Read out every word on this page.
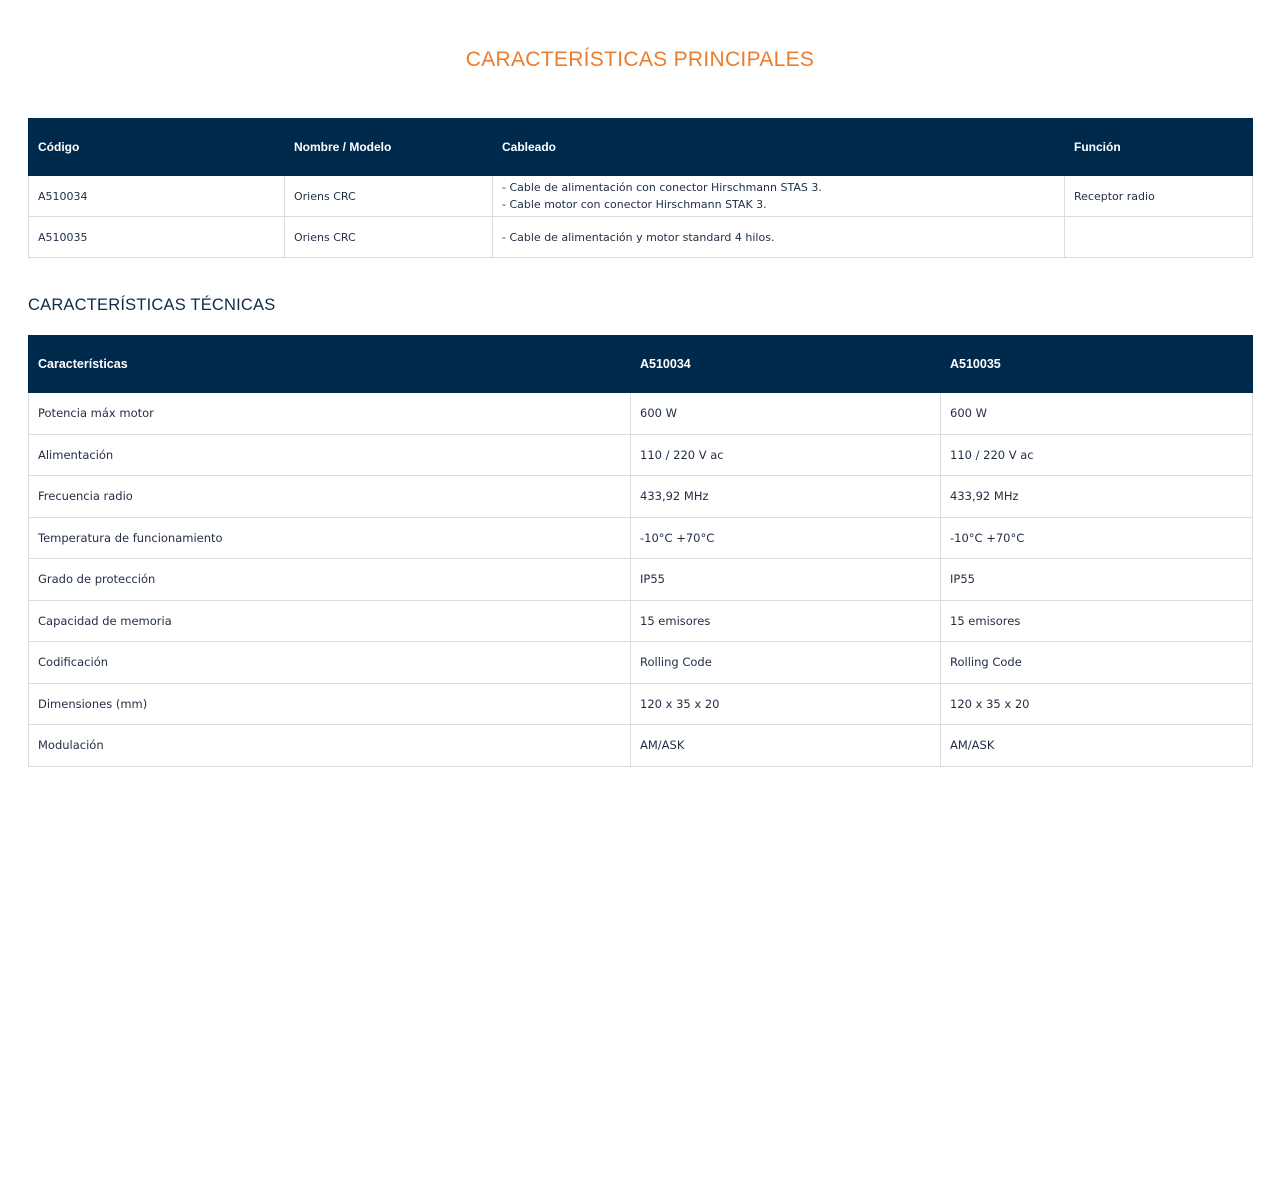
CARACTERÍSTICAS PRINCIPALES
Código	Nombre / Modelo	Cableado	Función
A510034	Oriens CRC	- Cable de alimentación con conector Hirschmann STAS 3.
- Cable motor con conector Hirschmann STAK 3.	Receptor radio
A510035	Oriens CRC	- Cable de alimentación y motor standard 4 hilos.	

CARACTERÍSTICAS TÉCNICAS
Características	A510034	A510035
Potencia máx motor	600 W	600 W
Alimentación	110 / 220 V ac	110 / 220 V ac
Frecuencia radio	433,92 MHz	433,92 MHz
Temperatura de funcionamiento	-10°C +70°C	-10°C +70°C
Grado de protección	IP55	IP55
Capacidad de memoria	15 emisores	15 emisores
Codificación	Rolling Code	Rolling Code
Dimensiones (mm)	120 x 35 x 20	120 x 35 x 20
Modulación	AM/ASK	AM/ASK
